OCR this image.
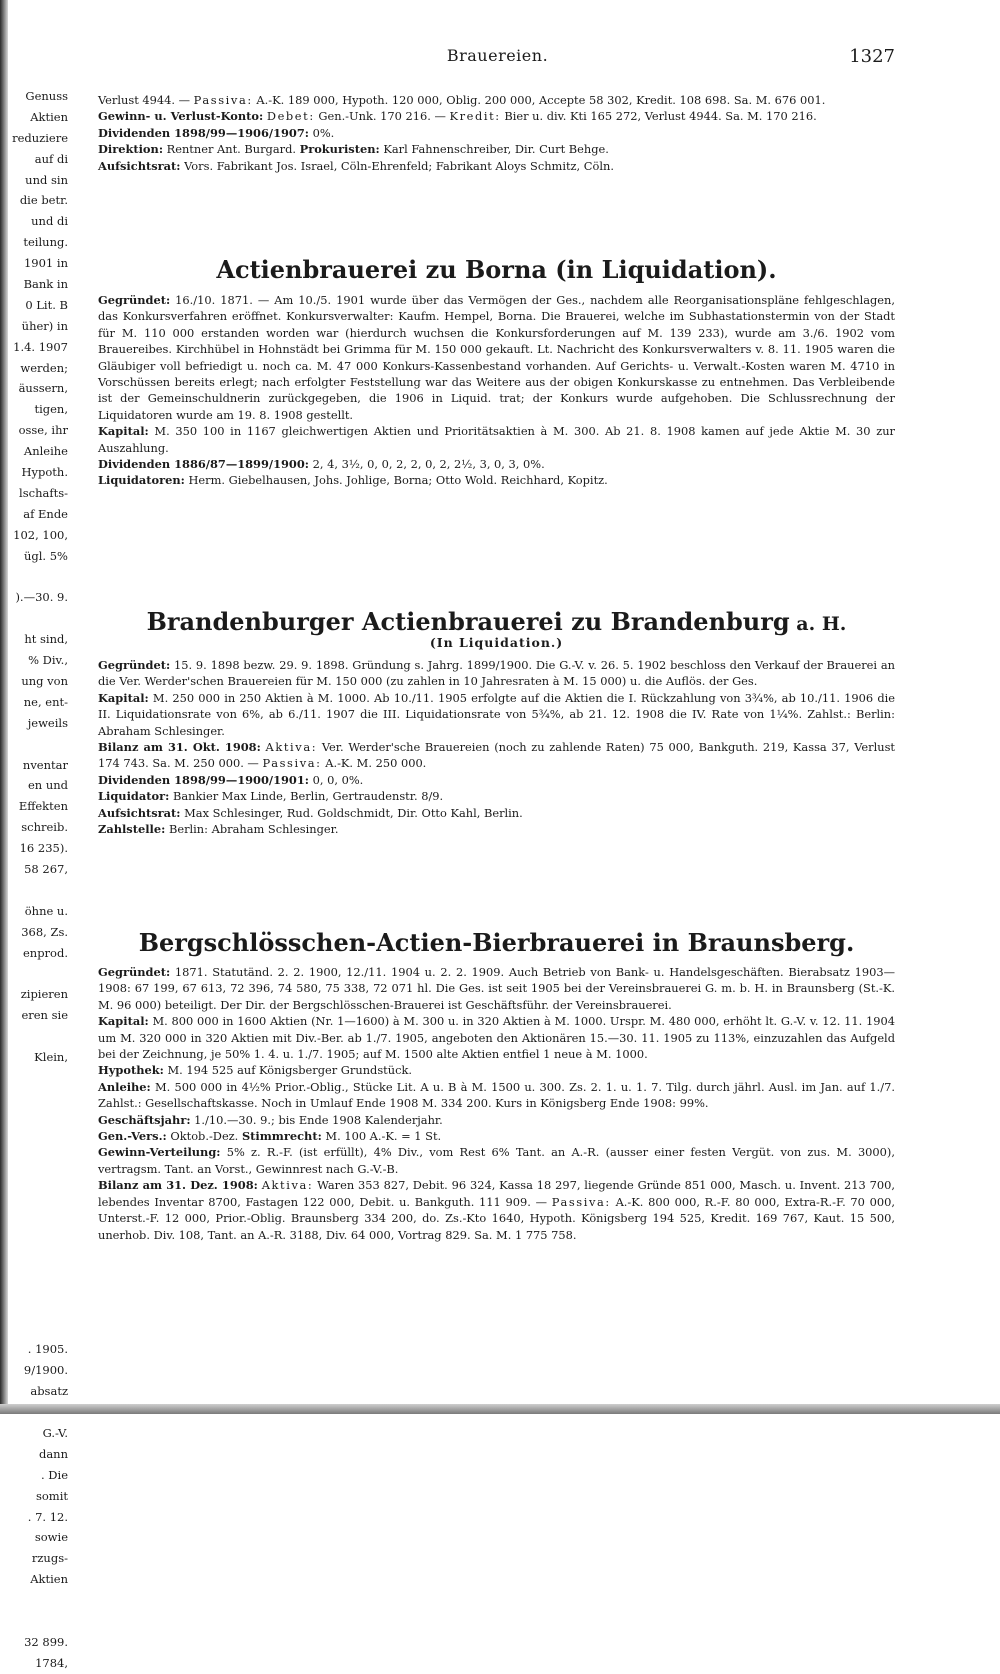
Genuss
Aktien
reduziere
auf di
und sin
die betr.
und di
teilung.
1901 in
Bank in
0 Lit. B
üher) in
1.4. 1907
werden;
äussern,
tigen,
osse, ihr
Anleihe
Hypoth.
lschafts-
af Ende
102, 100,
ügl. 5%
).—30. 9.
ht sind,
% Div.,
ung von
ne, ent-
jeweils
nventar
en und
Effekten
schreib.
16 235).
58 267,
öhne u.
368, Zs.
enprod.
zipieren
eren sie
Klein,
. 1905.
9/1900.
absatz
G.-V.
dann
. Die
somit
. 7. 12.
sowie
rzugs-
Aktien
32 899.
1784,
Brauereien.	1327

Verlust 4944. — Passiva: A.-K. 189 000, Hypoth. 120 000, Oblig. 200 000, Accepte 58 302, Kredit. 108 698. Sa. M. 676 001.

Gewinn- u. Verlust-Konto: Debet: Gen.-Unk. 170 216. — Kredit: Bier u. div. Kti 165 272, Verlust 4944. Sa. M. 170 216.

Dividenden 1898/99—1906/1907: 0%.

Direktion: Rentner Ant. Burgard. Prokuristen: Karl Fahnenschreiber, Dir. Curt Behge.

Aufsichtsrat: Vors. Fabrikant Jos. Israel, Cöln-Ehrenfeld; Fabrikant Aloys Schmitz, Cöln.

Actienbrauerei zu Borna (in Liquidation).

Gegründet: 16./10. 1871. — Am 10./5. 1901 wurde über das Vermögen der Ges., nachdem alle Reorganisationspläne fehlgeschlagen, das Konkursverfahren eröffnet. Konkursverwalter: Kaufm. Hempel, Borna. Die Brauerei, welche im Subhastationstermin von der Stadt für M. 110 000 erstanden worden war (hierdurch wuchsen die Konkursforderungen auf M. 139 233), wurde am 3./6. 1902 vom Brauereibes. Kirchhübel in Hohnstädt bei Grimma für M. 150 000 gekauft. Lt. Nachricht des Konkursverwalters v. 8. 11. 1905 waren die Gläubiger voll befriedigt u. noch ca. M. 47 000 Konkurs-Kassenbestand vorhanden. Auf Gerichts- u. Verwalt.-Kosten waren M. 4710 in Vorschüssen bereits erlegt; nach erfolgter Feststellung war das Weitere aus der obigen Konkurskasse zu entnehmen. Das Verbleibende ist der Gemeinschuldnerin zurückgegeben, die 1906 in Liquid. trat; der Konkurs wurde aufgehoben. Die Schlussrechnung der Liquidatoren wurde am 19. 8. 1908 gestellt.

Kapital: M. 350 100 in 1167 gleichwertigen Aktien und Prioritätsaktien à M. 300. Ab 21. 8. 1908 kamen auf jede Aktie M. 30 zur Auszahlung.

Dividenden 1886/87—1899/1900: 2, 4, 3½, 0, 0, 2, 2, 0, 2, 2½, 3, 0, 3, 0%.

Liquidatoren: Herm. Giebelhausen, Johs. Johlige, Borna; Otto Wold. Reichhard, Kopitz.

Brandenburger Actienbrauerei zu Brandenburg a. H.
(In Liquidation.)

Gegründet: 15. 9. 1898 bezw. 29. 9. 1898. Gründung s. Jahrg. 1899/1900. Die G.-V. v. 26. 5. 1902 beschloss den Verkauf der Brauerei an die Ver. Werder'schen Brauereien für M. 150 000 (zu zahlen in 10 Jahresraten à M. 15 000) u. die Auflös. der Ges.

Kapital: M. 250 000 in 250 Aktien à M. 1000. Ab 10./11. 1905 erfolgte auf die Aktien die I. Rückzahlung von 3¾%, ab 10./11. 1906 die II. Liquidationsrate von 6%, ab 6./11. 1907 die III. Liquidationsrate von 5¾%, ab 21. 12. 1908 die IV. Rate von 1¼%. Zahlst.: Berlin: Abraham Schlesinger.

Bilanz am 31. Okt. 1908: Aktiva: Ver. Werder'sche Brauereien (noch zu zahlende Raten) 75 000, Bankguth. 219, Kassa 37, Verlust 174 743. Sa. M. 250 000. — Passiva: A.-K. M. 250 000.

Dividenden 1898/99—1900/1901: 0, 0, 0%.

Liquidator: Bankier Max Linde, Berlin, Gertraudenstr. 8/9.

Aufsichtsrat: Max Schlesinger, Rud. Goldschmidt, Dir. Otto Kahl, Berlin.

Zahlstelle: Berlin: Abraham Schlesinger.

Bergschlösschen-Actien-Bierbrauerei in Braunsberg.

Gegründet: 1871. Statutänd. 2. 2. 1900, 12./11. 1904 u. 2. 2. 1909. Auch Betrieb von Bank- u. Handelsgeschäften. Bierabsatz 1903—1908: 67 199, 67 613, 72 396, 74 580, 75 338, 72 071 hl. Die Ges. ist seit 1905 bei der Vereinsbrauerei G. m. b. H. in Braunsberg (St.-K. M. 96 000) beteiligt. Der Dir. der Bergschlösschen-Brauerei ist Geschäftsführ. der Vereinsbrauerei.

Kapital: M. 800 000 in 1600 Aktien (Nr. 1—1600) à M. 300 u. in 320 Aktien à M. 1000. Urspr. M. 480 000, erhöht lt. G.-V. v. 12. 11. 1904 um M. 320 000 in 320 Aktien mit Div.-Ber. ab 1./7. 1905, angeboten den Aktionären 15.—30. 11. 1905 zu 113%, einzuzahlen das Aufgeld bei der Zeichnung, je 50% 1. 4. u. 1./7. 1905; auf M. 1500 alte Aktien entfiel 1 neue à M. 1000.

Hypothek: M. 194 525 auf Königsberger Grundstück.

Anleihe: M. 500 000 in 4½% Prior.-Oblig., Stücke Lit. A u. B à M. 1500 u. 300. Zs. 2. 1. u. 1. 7. Tilg. durch jährl. Ausl. im Jan. auf 1./7. Zahlst.: Gesellschaftskasse. Noch in Umlauf Ende 1908 M. 334 200. Kurs in Königsberg Ende 1908: 99%.

Geschäftsjahr: 1./10.—30. 9.; bis Ende 1908 Kalenderjahr.

Gen.-Vers.: Oktob.-Dez. Stimmrecht: M. 100 A.-K. = 1 St.

Gewinn-Verteilung: 5% z. R.-F. (ist erfüllt), 4% Div., vom Rest 6% Tant. an A.-R. (ausser einer festen Vergüt. von zus. M. 3000), vertragsm. Tant. an Vorst., Gewinnrest nach G.-V.-B.

Bilanz am 31. Dez. 1908: Aktiva: Waren 353 827, Debit. 96 324, Kassa 18 297, liegende Gründe 851 000, Masch. u. Invent. 213 700, lebendes Inventar 8700, Fastagen 122 000, Debit. u. Bankguth. 111 909. — Passiva: A.-K. 800 000, R.-F. 80 000, Extra-R.-F. 70 000, Unterst.-F. 12 000, Prior.-Oblig. Braunsberg 334 200, do. Zs.-Kto 1640, Hypoth. Königsberg 194 525, Kredit. 169 767, Kaut. 15 500, unerhob. Div. 108, Tant. an A.-R. 3188, Div. 64 000, Vortrag 829. Sa. M. 1 775 758.
